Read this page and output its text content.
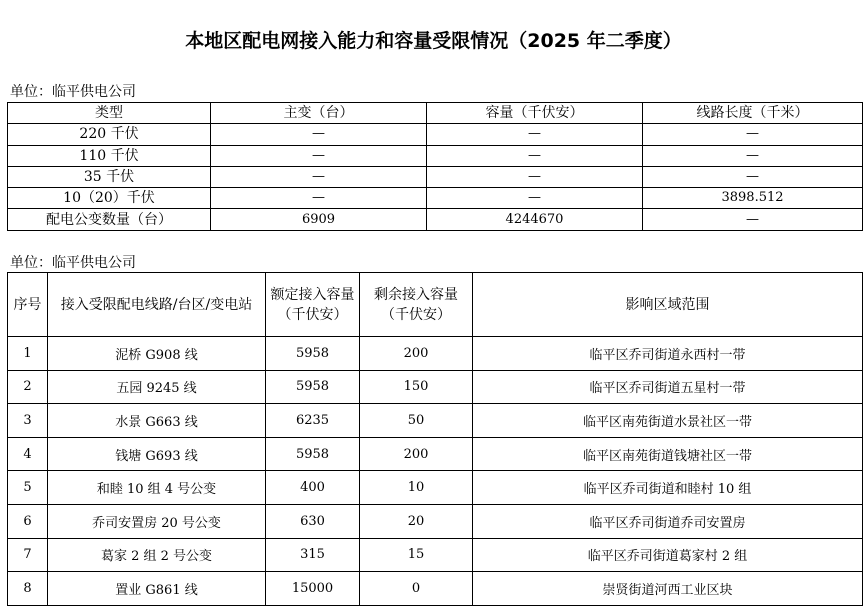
本地区配电网接入能力和容量受限情况（2025 年二季度）
单位：临平供电公司
类型	主变（台）	容量（千伏安）	线路长度（千米）
220 千伏	—	—	—
110 千伏	—	—	—
35 千伏	—	—	—
10（20）千伏	—	—	3898.512
配电公变数量（台）	6909	4244670	—
单位：临平供电公司
序号	接入受限配电线路/台区/变电站	额定接入容量（千伏安）	剩余接入容量（千伏安）	影响区域范围
1	泥桥 G908 线	5958	200	临平区乔司街道永西村一带
2	五园 9245 线	5958	150	临平区乔司街道五星村一带
3	水景 G663 线	6235	50	临平区南苑街道水景社区一带
4	钱塘 G693 线	5958	200	临平区南苑街道钱塘社区一带
5	和睦 10 组 4 号公变	400	10	临平区乔司街道和睦村 10 组
6	乔司安置房 20 号公变	630	20	临平区乔司街道乔司安置房
7	葛家 2 组 2 号公变	315	15	临平区乔司街道葛家村 2 组
8	置业 G861 线	15000	0	崇贤街道河西工业区块
